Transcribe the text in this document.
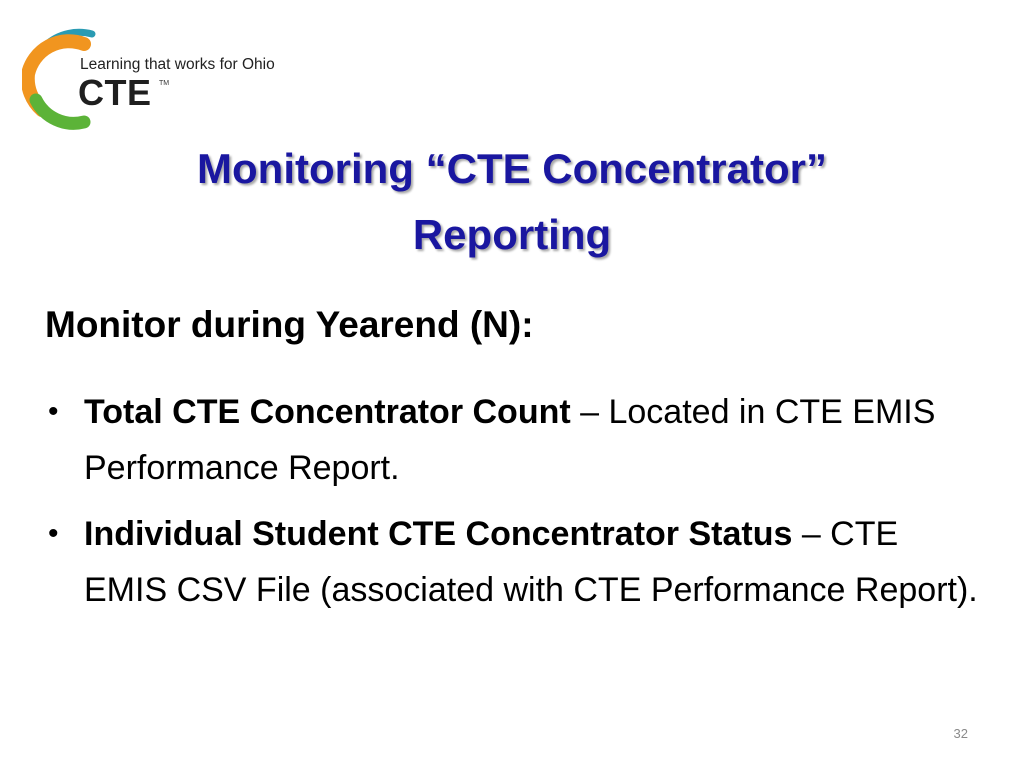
Learning that works for Ohio
CTE TM
Monitoring “CTE Concentrator”
Reporting
Monitor during Yearend (N):
• Total CTE Concentrator Count – Located in CTE EMIS Performance Report.
• Individual Student CTE Concentrator Status – CTE EMIS CSV File (associated with CTE Performance Report).
32
